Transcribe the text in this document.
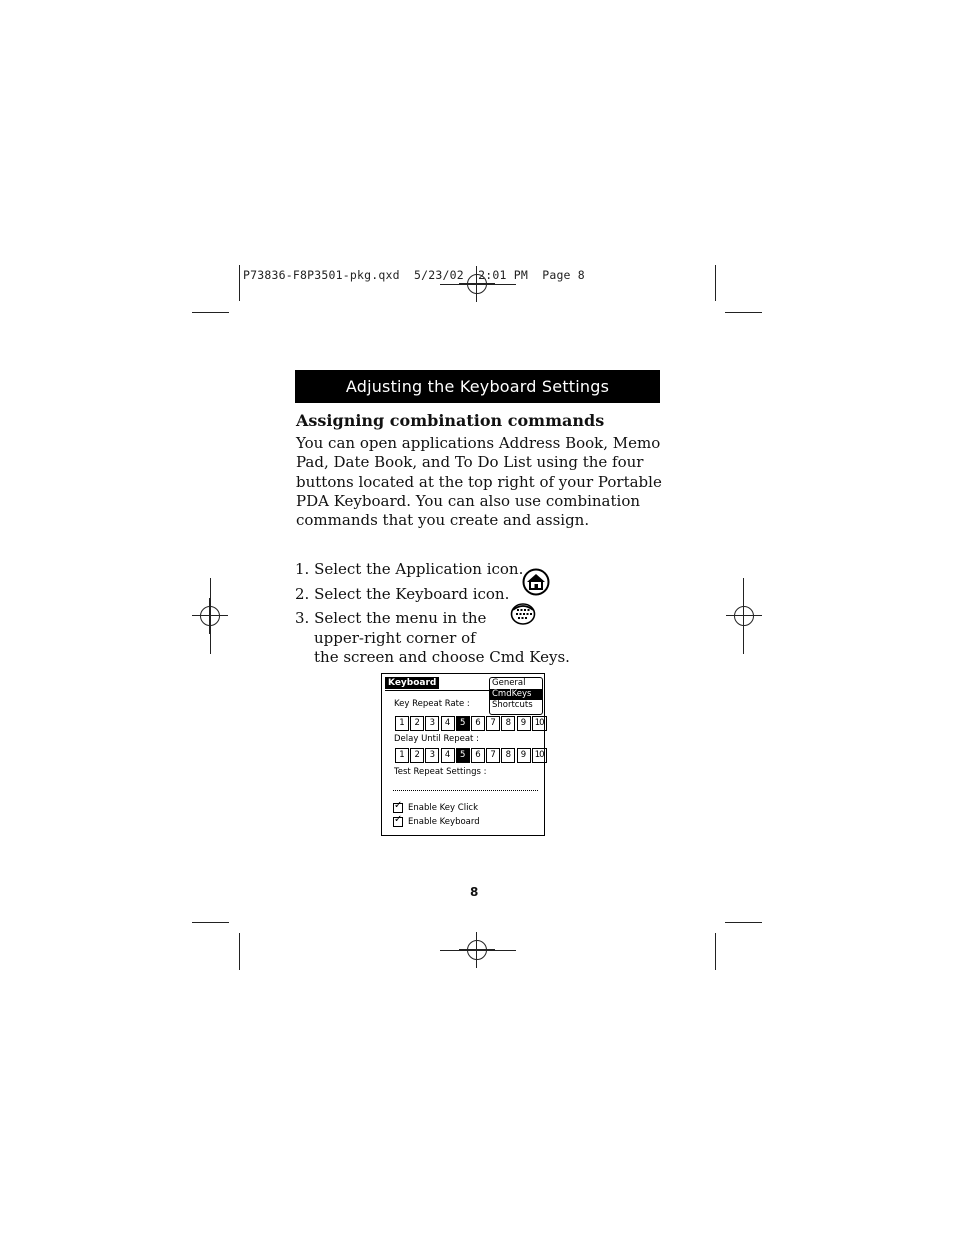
P73836-F8P3501-pkg.qxd  5/23/02  2:01 PM  Page 8
Adjusting the Keyboard Settings
Assigning combination commands
You can open applications Address Book, Memo Pad, Date Book, and To Do List using the four buttons located at the top right of your Portable PDA Keyboard. You can also use combination commands that you create and assign.
1. Select the Application icon.
2. Select the Keyboard icon.
3. Select the menu in the
upper-right corner of
the screen and choose Cmd Keys.
Keyboard	General
CmdKeys
Shortcuts
Key Repeat Rate :
1	2	3	4	5	6	7	8	9	10
Delay Until Repeat :
1	2	3	4	5	6	7	8	9	10
Test Repeat Settings :
✓
Enable Key Click
✓
Enable Keyboard
8
